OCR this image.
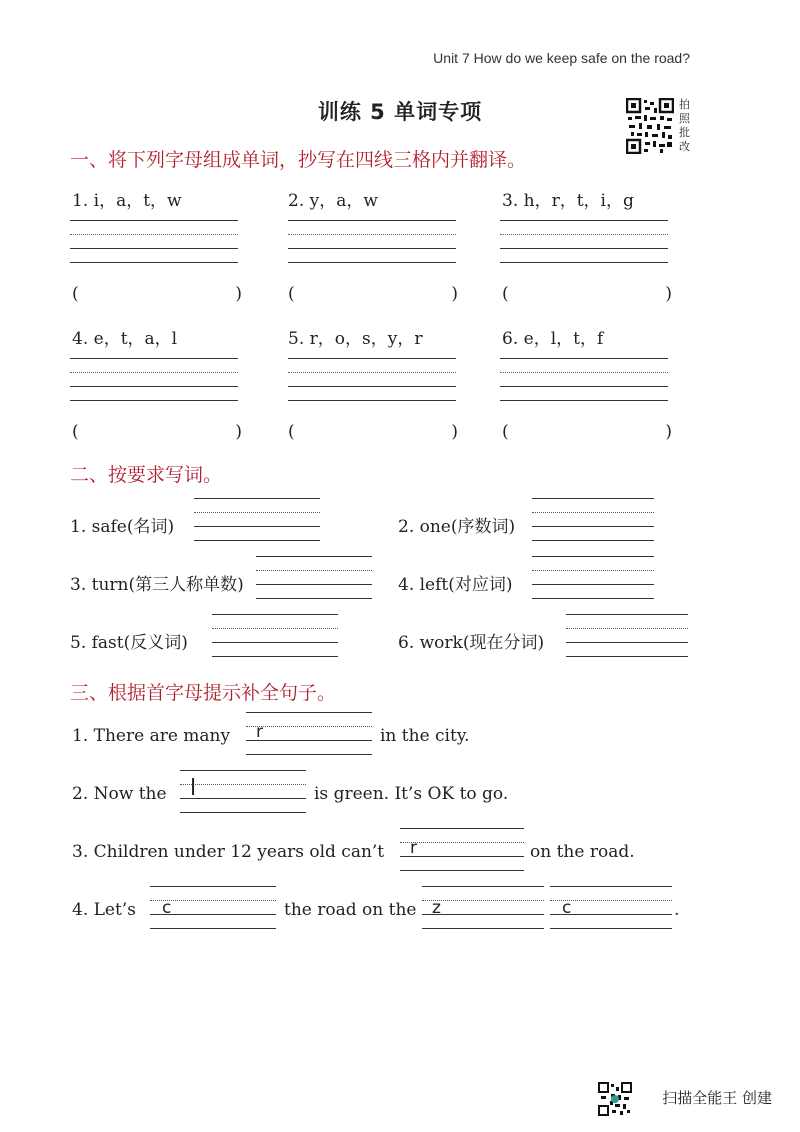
Unit 7 How do we keep safe on the road?
训练 5 单词专项	拍照批改
一、将下列字母组成单词，抄写在四线三格内并翻译。
1. i，a，t，w	2. y，a，w	3. h，r，t，i，g
(	)	(	)	(	)
4. e，t，a，l	5. r，o，s，y，r	6. e，l，t，f
(	)	(	)	(	)
二、按要求写词。
1. safe(名词)	2. one(序数词)
3. turn(第三人称单数)	4. left(对应词)
5. fast(反义词)	6. work(现在分词)
三、根据首字母提示补全句子。
1. There are many r	in the city.
2. Now the l	is green. It’s OK to go.
3. Children under 12 years old can’t r	on the road.
4. Let’s c	the road on the z	c	.
扫描全能王 创建
